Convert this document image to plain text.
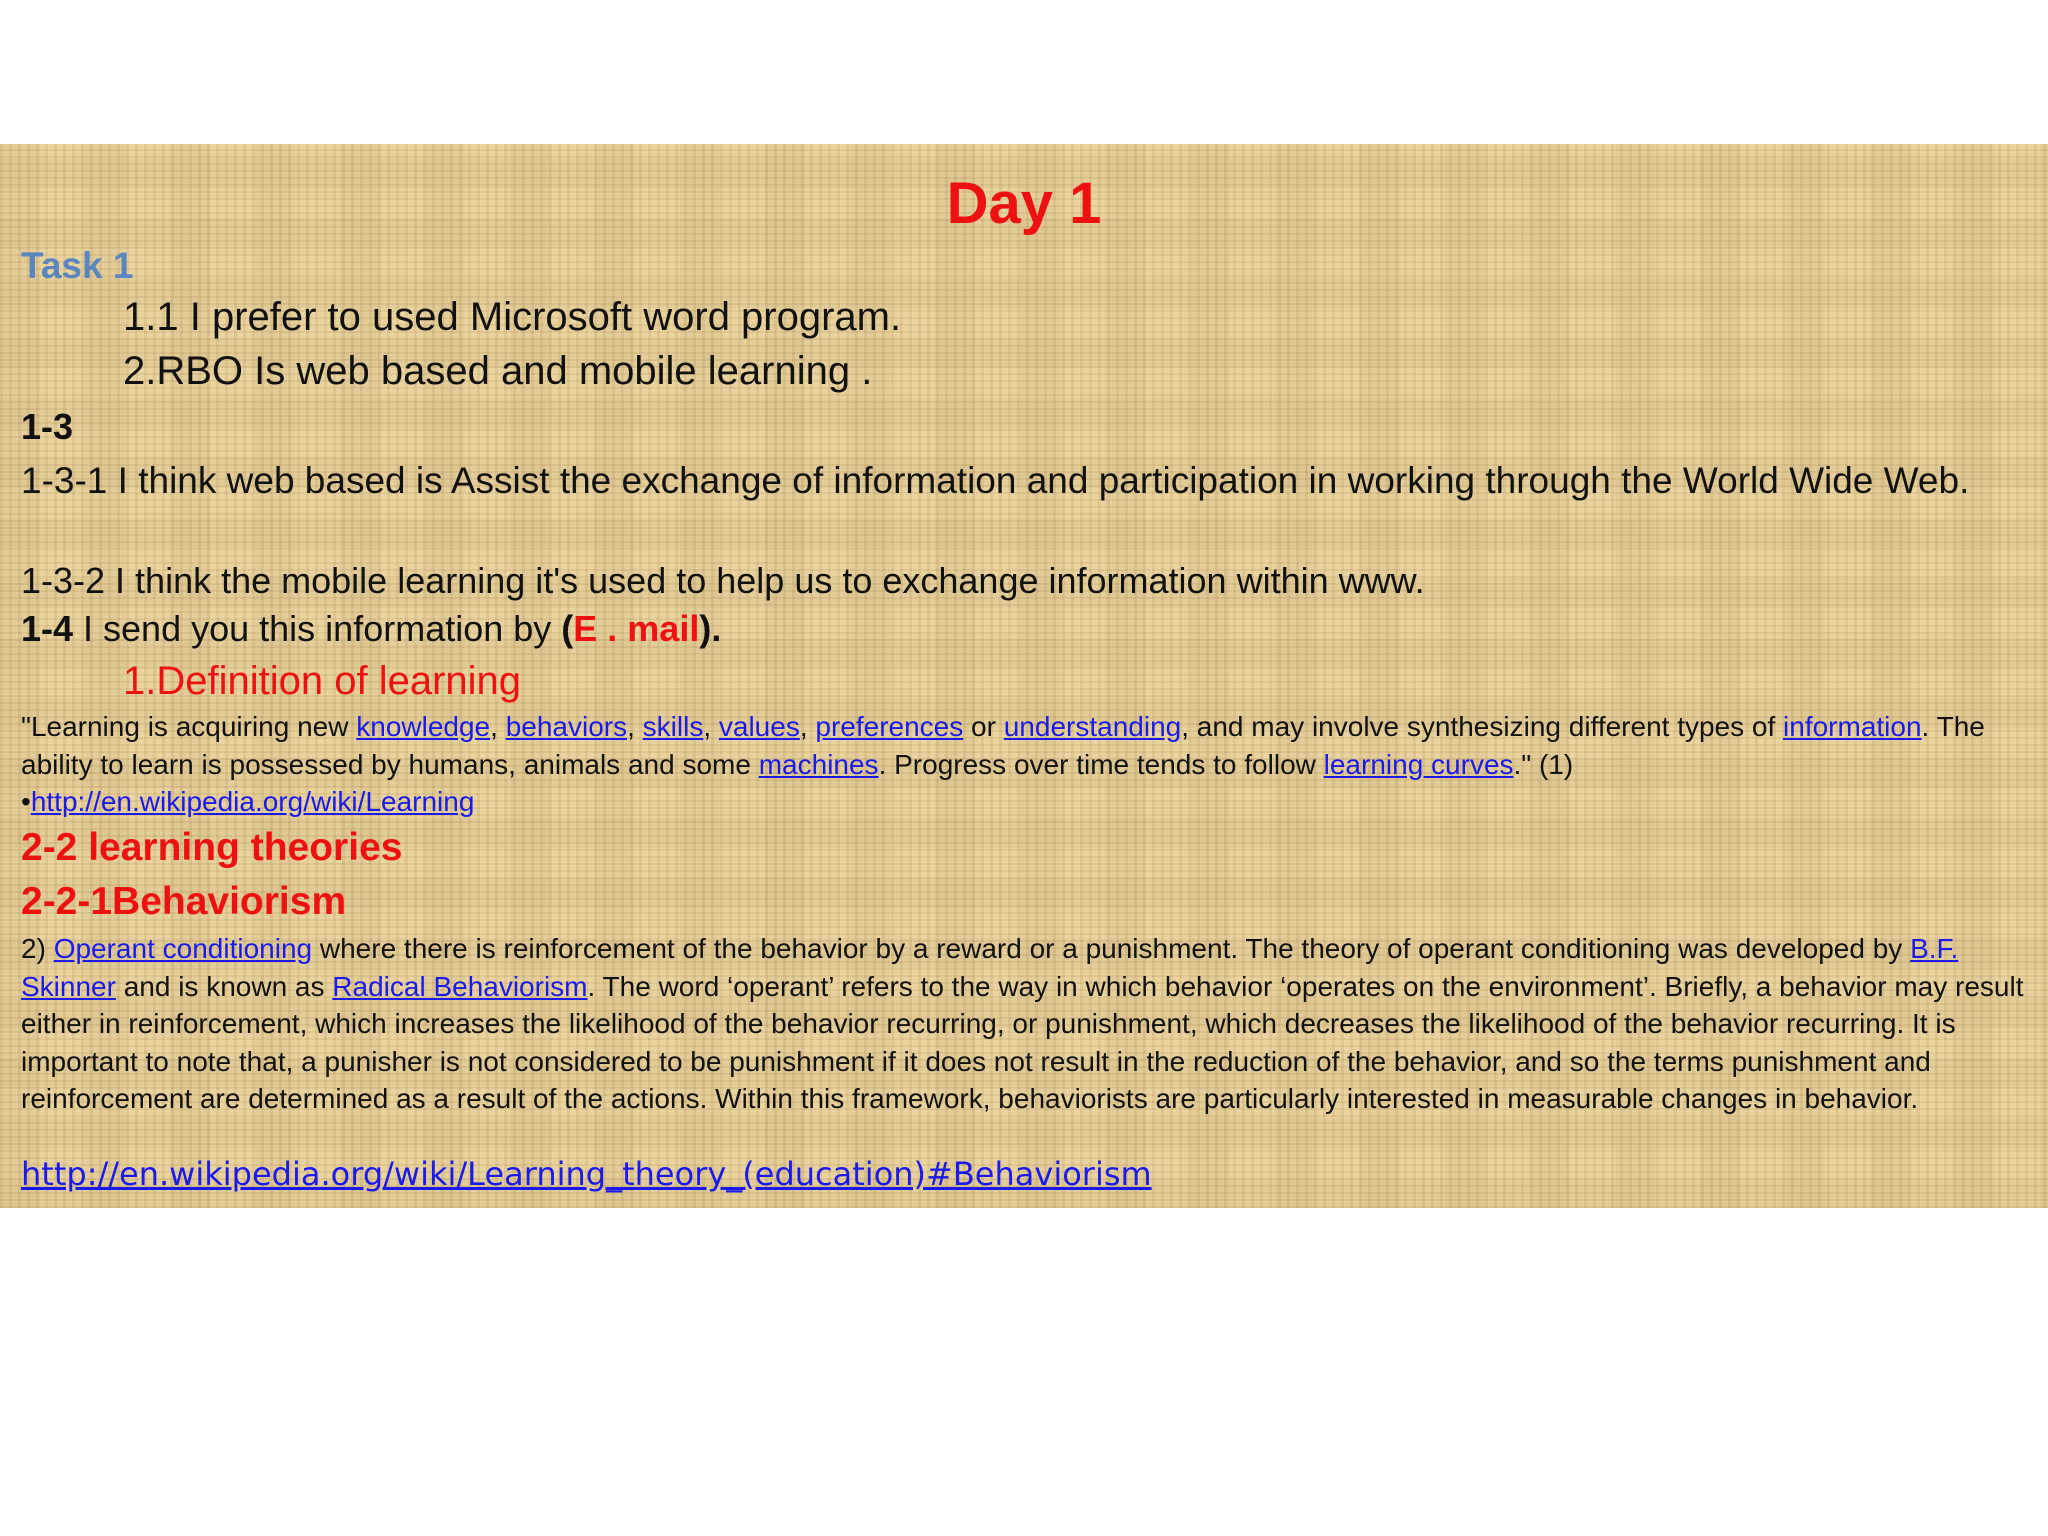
Day 1
Task 1
1.1 I prefer to used Microsoft word program.
2.RBO Is web based and mobile learning .
1-3
1-3-1 I think web based is Assist the exchange of information and participation in working through the World Wide Web.
1-3-2 I think the mobile learning it's used to help us to exchange information within www.
1-4 I send you this information by (E . mail).
1.Definition of learning
"Learning is acquiring new knowledge, behaviors, skills, values, preferences or understanding, and may involve synthesizing different types of information. The ability to learn is possessed by humans, animals and some machines. Progress over time tends to follow learning curves." (1)
•http://en.wikipedia.org/wiki/Learning
2-2 learning theories
2-2-1Behaviorism
2) Operant conditioning where there is reinforcement of the behavior by a reward or a punishment. The theory of operant conditioning was developed by B.F. Skinner and is known as Radical Behaviorism. The word ‘operant’ refers to the way in which behavior ‘operates on the environment’. Briefly, a behavior may result either in reinforcement, which increases the likelihood of the behavior recurring, or punishment, which decreases the likelihood of the behavior recurring. It is important to note that, a punisher is not considered to be punishment if it does not result in the reduction of the behavior, and so the terms punishment and reinforcement are determined as a result of the actions. Within this framework, behaviorists are particularly interested in measurable changes in behavior.
http://en.wikipedia.org/wiki/Learning_theory_(education)#Behaviorism
